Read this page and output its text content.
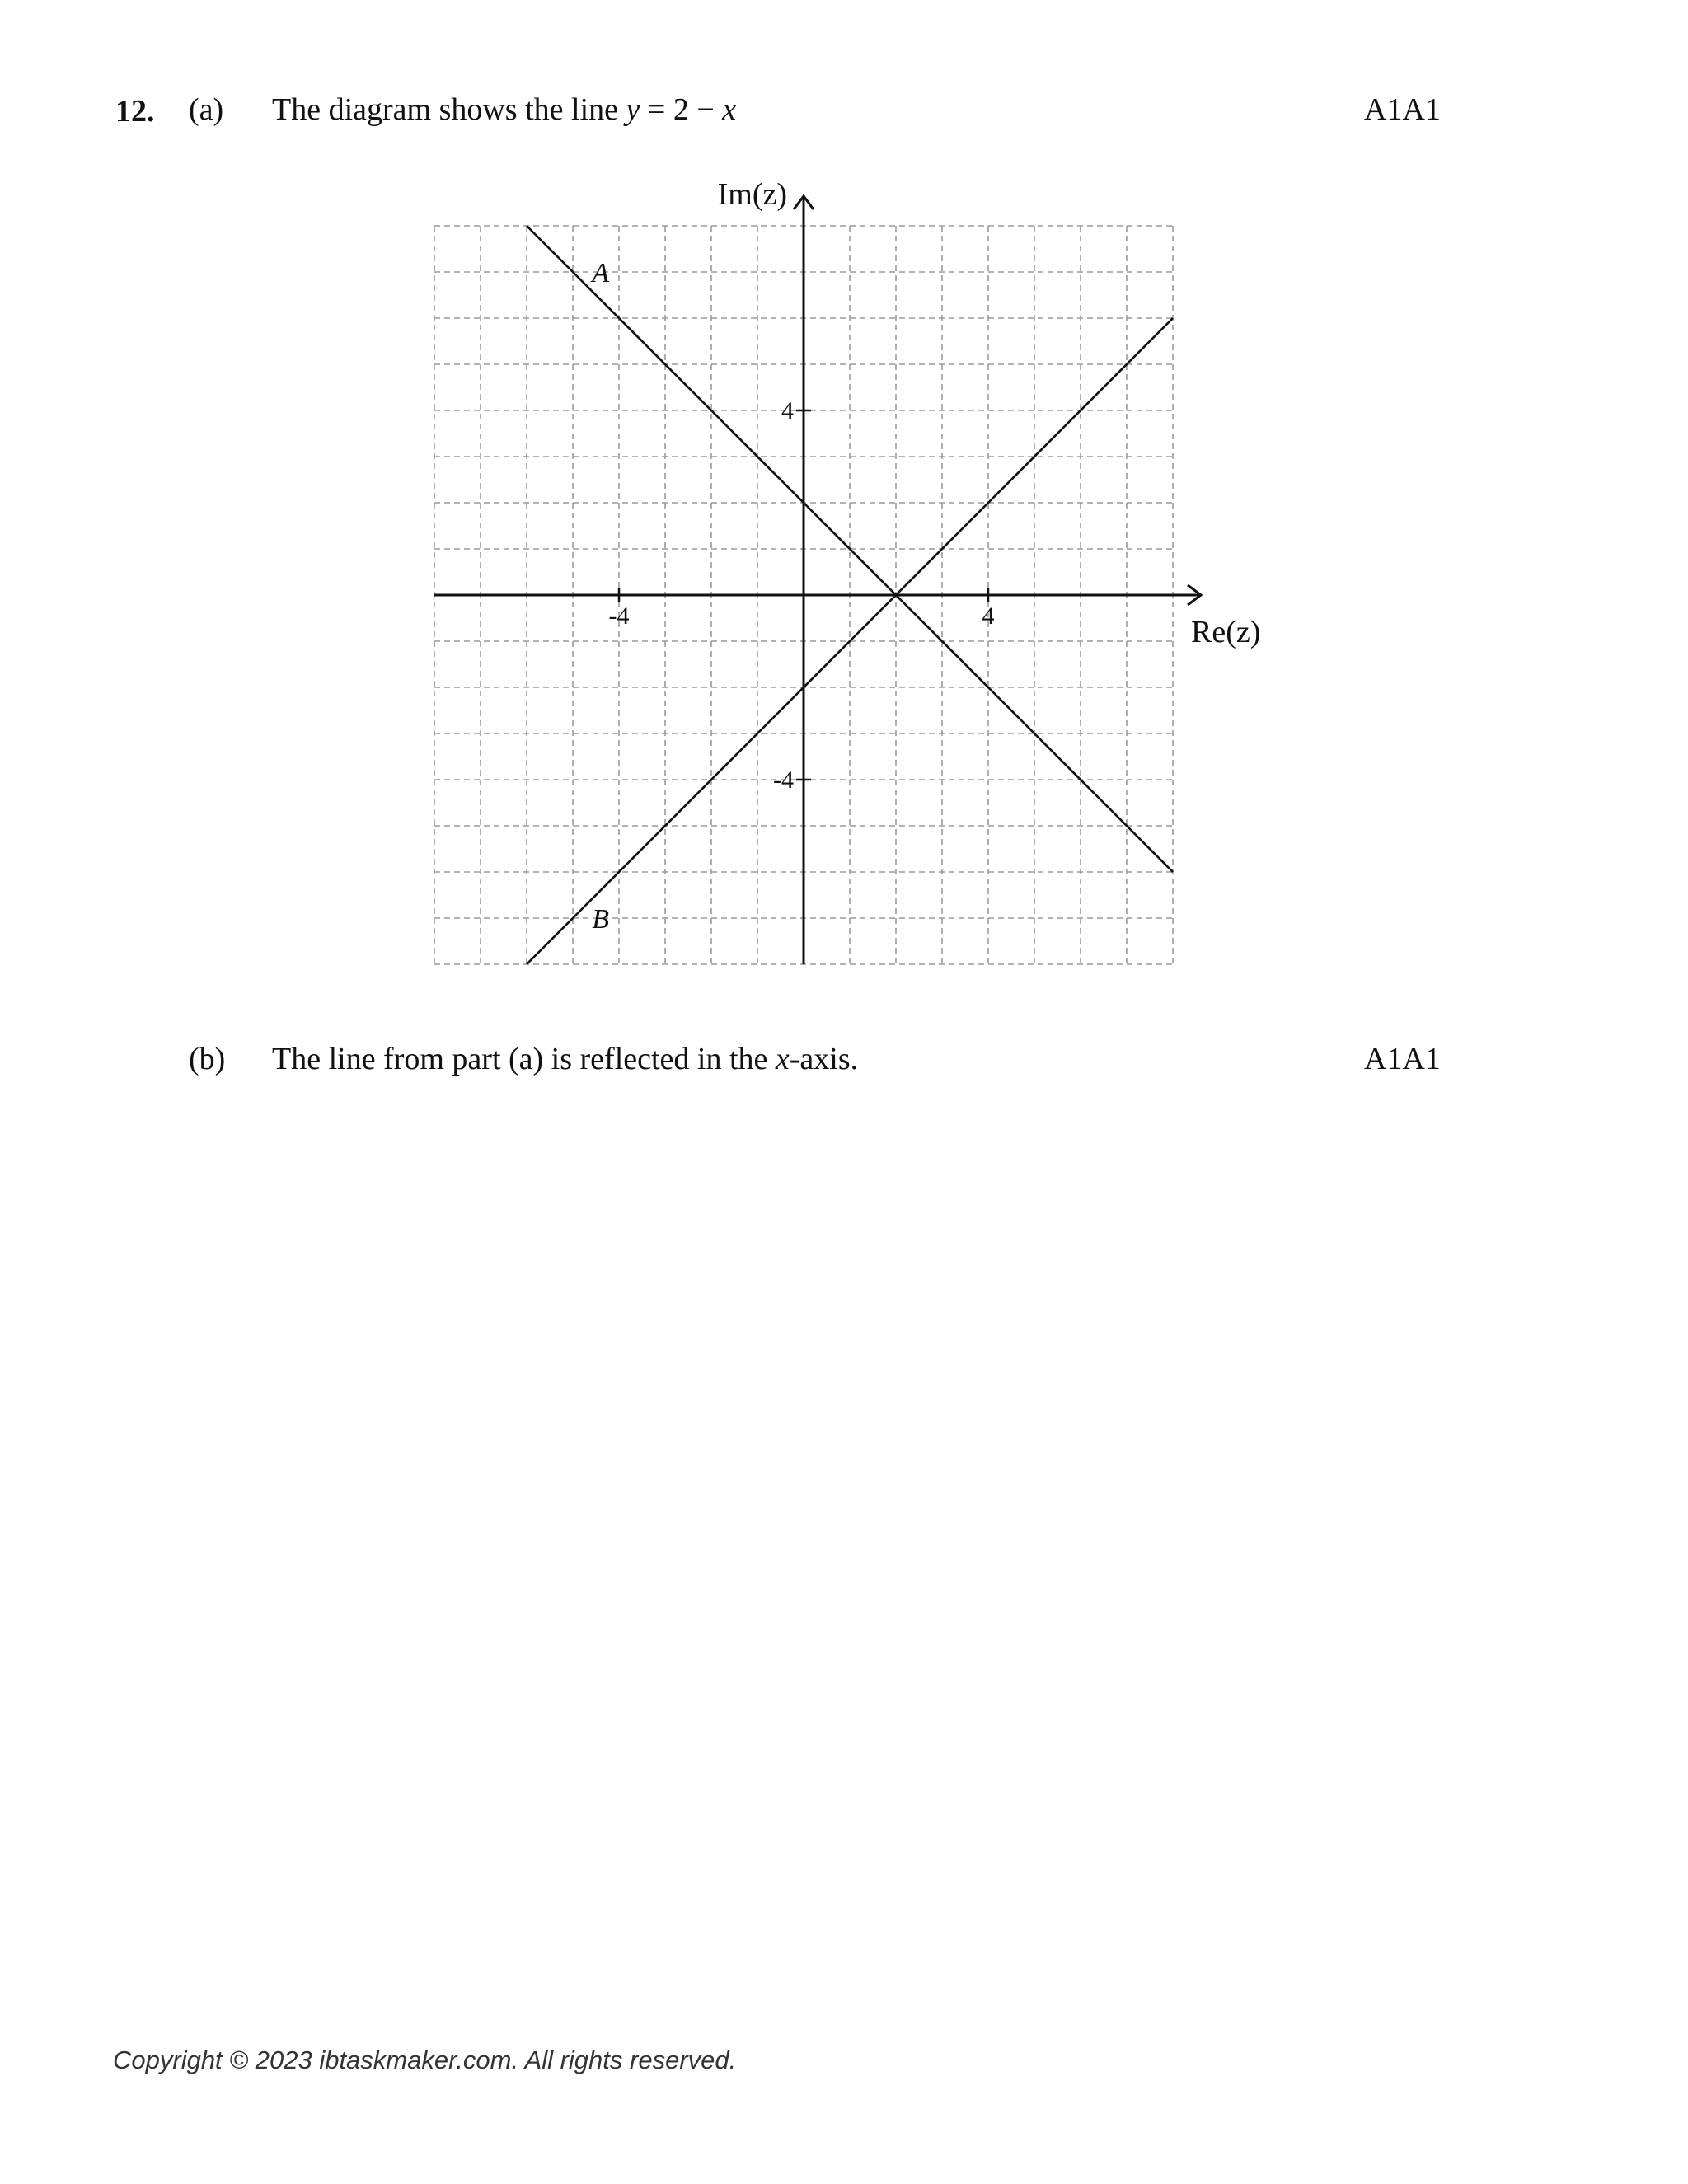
12. (a) The diagram shows the line y = 2 − x	A1A1
-4	4
4
-4
Im(z)
Re(z)
A
B
(b) The line from part (a) is reflected in the x-axis.	A1A1
Copyright © 2023 ibtaskmaker.com. All rights reserved.
